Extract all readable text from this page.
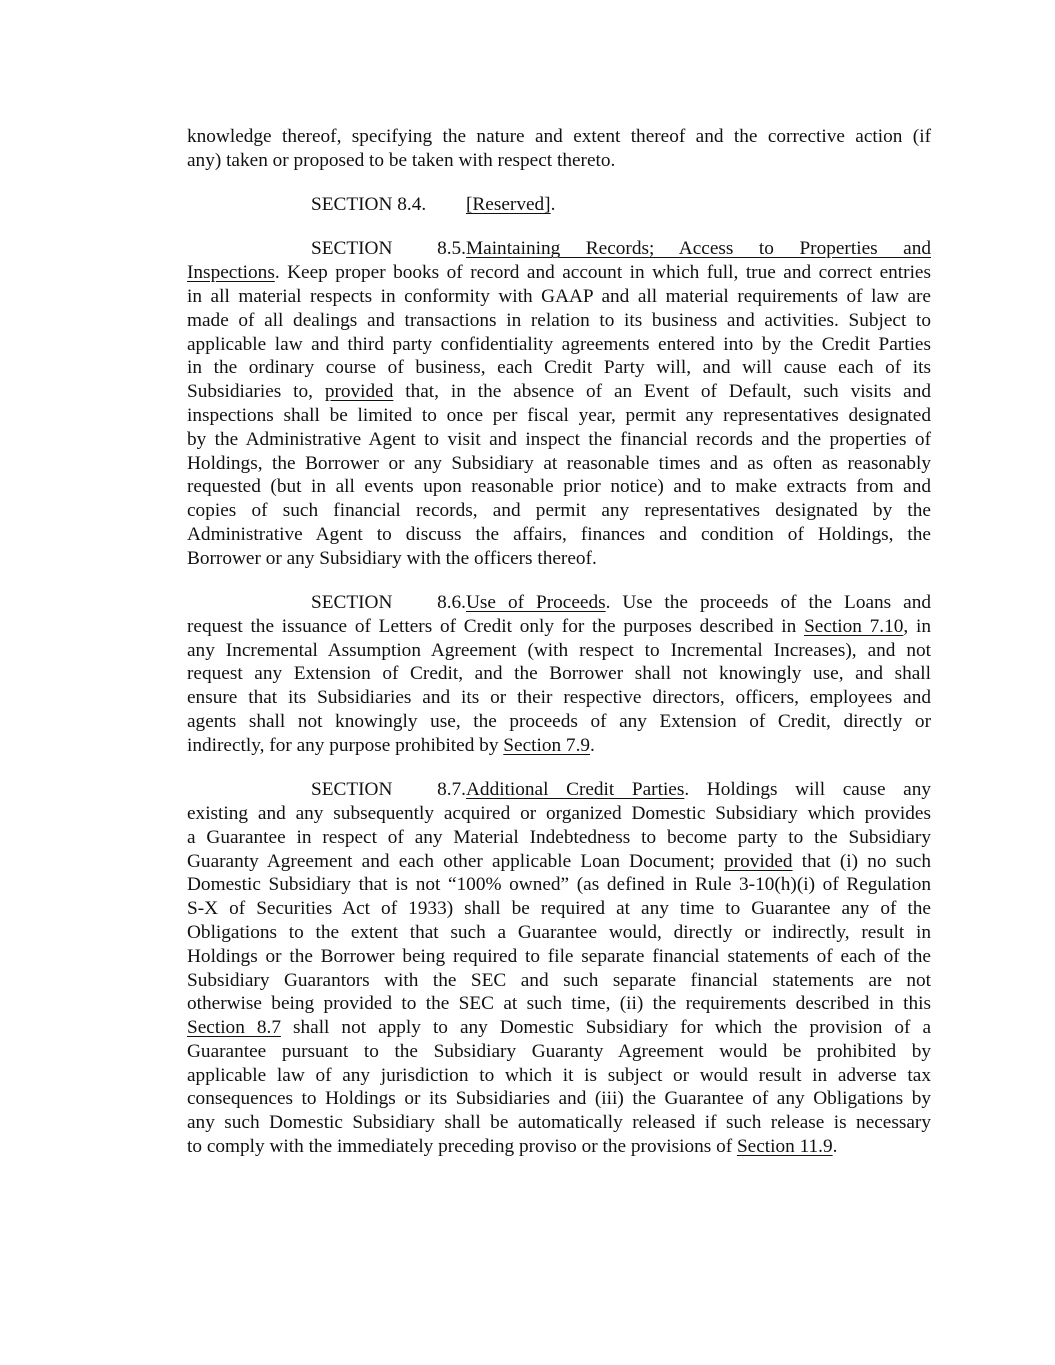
knowledge thereof, specifying the nature and extent thereof and the corrective action (if
any) taken or proposed to be taken with respect thereto.
SECTION 8.4. [Reserved].
SECTION 8.5.Maintaining Records; Access to Properties and
Inspections. Keep proper books of record and account in which full, true and correct entries
in all material respects in conformity with GAAP and all material requirements of law are
made of all dealings and transactions in relation to its business and activities. Subject to
applicable law and third party confidentiality agreements entered into by the Credit Parties
in the ordinary course of business, each Credit Party will, and will cause each of its
Subsidiaries to, provided that, in the absence of an Event of Default, such visits and
inspections shall be limited to once per fiscal year, permit any representatives designated
by the Administrative Agent to visit and inspect the financial records and the properties of
Holdings, the Borrower or any Subsidiary at reasonable times and as often as reasonably
requested (but in all events upon reasonable prior notice) and to make extracts from and
copies of such financial records, and permit any representatives designated by the
Administrative Agent to discuss the affairs, finances and condition of Holdings, the
Borrower or any Subsidiary with the officers thereof.
SECTION 8.6.Use of Proceeds. Use the proceeds of the Loans and
request the issuance of Letters of Credit only for the purposes described in Section 7.10, in
any Incremental Assumption Agreement (with respect to Incremental Increases), and not
request any Extension of Credit, and the Borrower shall not knowingly use, and shall
ensure that its Subsidiaries and its or their respective directors, officers, employees and
agents shall not knowingly use, the proceeds of any Extension of Credit, directly or
indirectly, for any purpose prohibited by Section 7.9.
SECTION 8.7.Additional Credit Parties. Holdings will cause any
existing and any subsequently acquired or organized Domestic Subsidiary which provides
a Guarantee in respect of any Material Indebtedness to become party to the Subsidiary
Guaranty Agreement and each other applicable Loan Document; provided that (i) no such
Domestic Subsidiary that is not “100% owned” (as defined in Rule 3-10(h)(i) of Regulation
S-X of Securities Act of 1933) shall be required at any time to Guarantee any of the
Obligations to the extent that such a Guarantee would, directly or indirectly, result in
Holdings or the Borrower being required to file separate financial statements of each of the
Subsidiary Guarantors with the SEC and such separate financial statements are not
otherwise being provided to the SEC at such time, (ii) the requirements described in this
Section 8.7 shall not apply to any Domestic Subsidiary for which the provision of a
Guarantee pursuant to the Subsidiary Guaranty Agreement would be prohibited by
applicable law of any jurisdiction to which it is subject or would result in adverse tax
consequences to Holdings or its Subsidiaries and (iii) the Guarantee of any Obligations by
any such Domestic Subsidiary shall be automatically released if such release is necessary
to comply with the immediately preceding proviso or the provisions of Section 11.9.
